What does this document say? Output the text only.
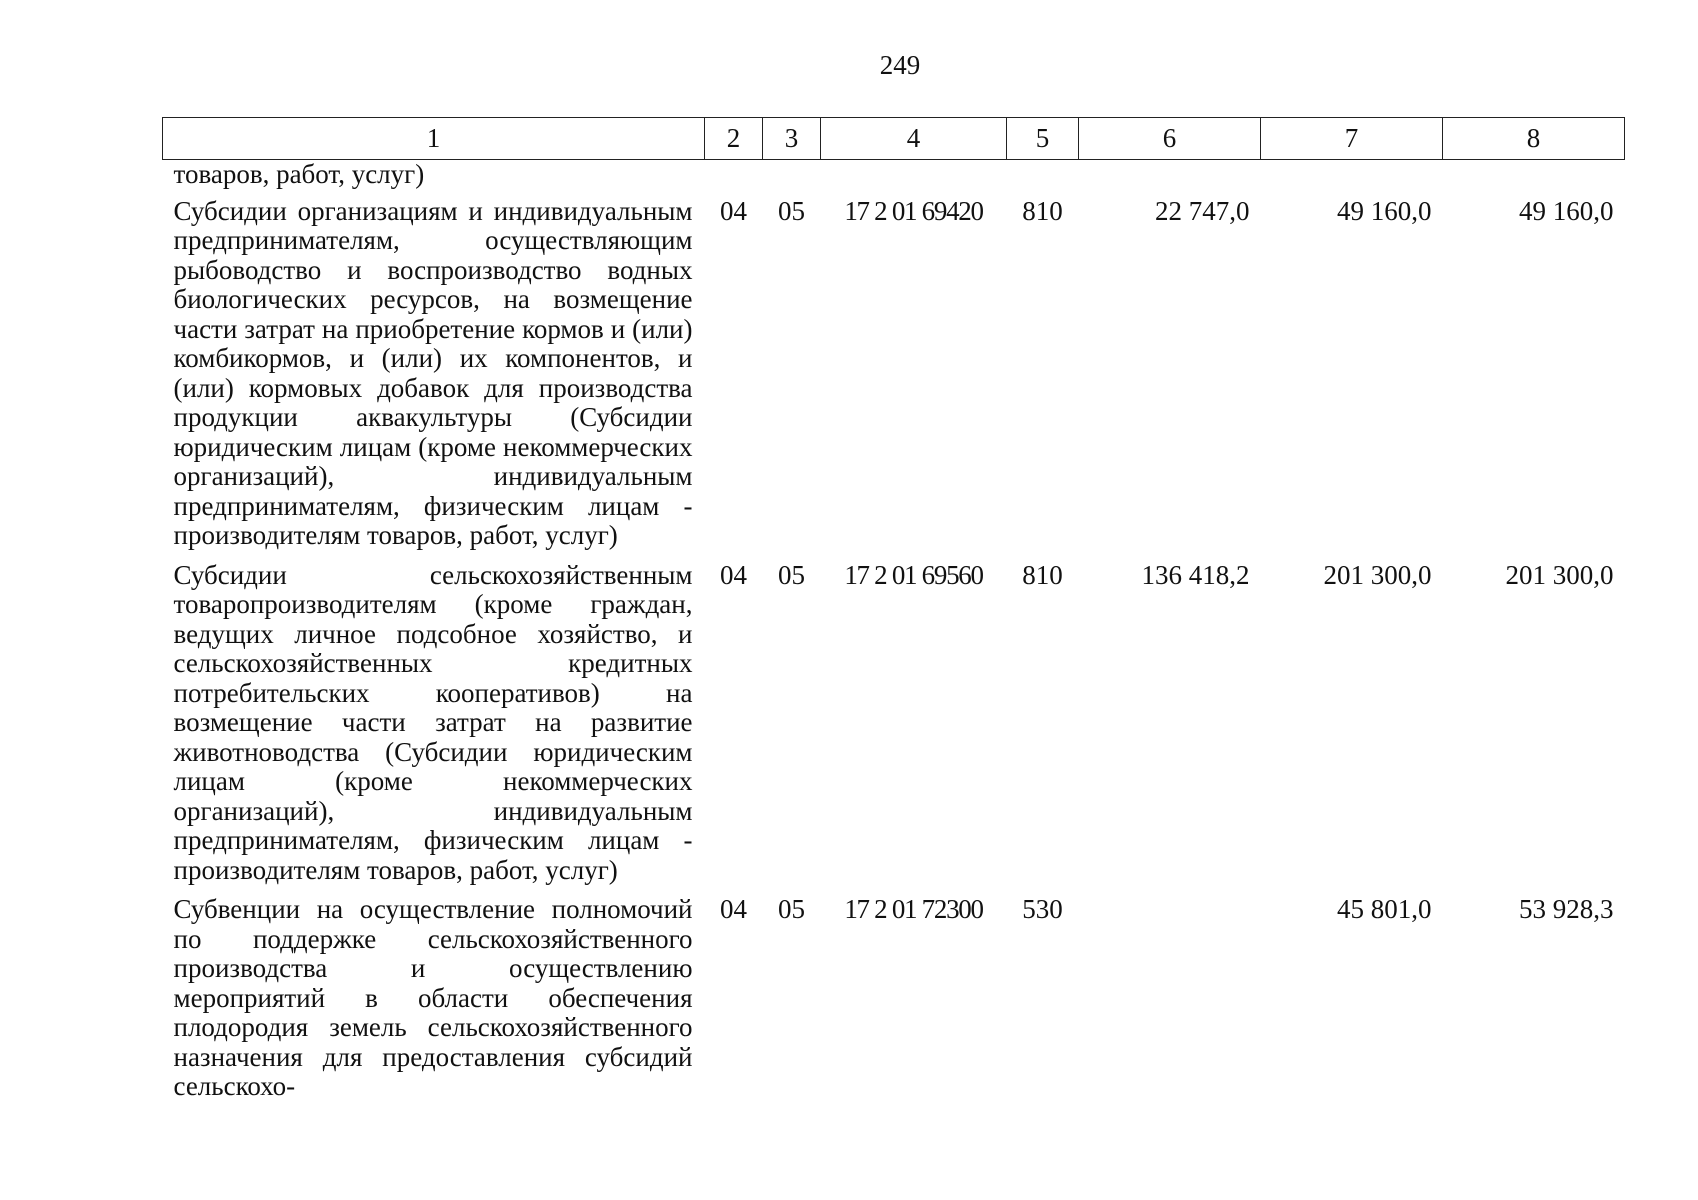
249
1	2	3	4	5	6	7	8
товаров, работ, услуг)							
Субсидии организациям и индивидуальным предпринимателям, осуществляющим рыбоводство и воспроизводство водных биологических ресурсов, на возмещение части затрат на приобретение кормов и (или) комбикормов, и (или) их компонентов, и (или) кормовых добавок для производства продукции аквакультуры (Субсидии юридическим лицам (кроме некоммерческих организаций), индивидуальным предпринимателям, физическим лицам - производителям товаров, работ, услуг)	04	05	17 2 01 69420	810	22 747,0	49 160,0	49 160,0
Субсидии сельскохозяйственным товаропроизводителям (кроме граждан, ведущих личное подсобное хозяйство, и сельскохозяйственных кредитных потребительских кооперативов) на возмещение части затрат на развитие животноводства (Субсидии юридическим лицам (кроме некоммерческих организаций), индивидуальным предпринимателям, физическим лицам - производителям товаров, работ, услуг)	04	05	17 2 01 69560	810	136 418,2	201 300,0	201 300,0
Субвенции на осуществление полномочий по поддержке сельскохозяйственного производства и осуществлению мероприятий в области обеспечения плодородия земель сельскохозяйственного назначения для предоставления субсидий сельскохо-	04	05	17 2 01 72300	530		45 801,0	53 928,3
